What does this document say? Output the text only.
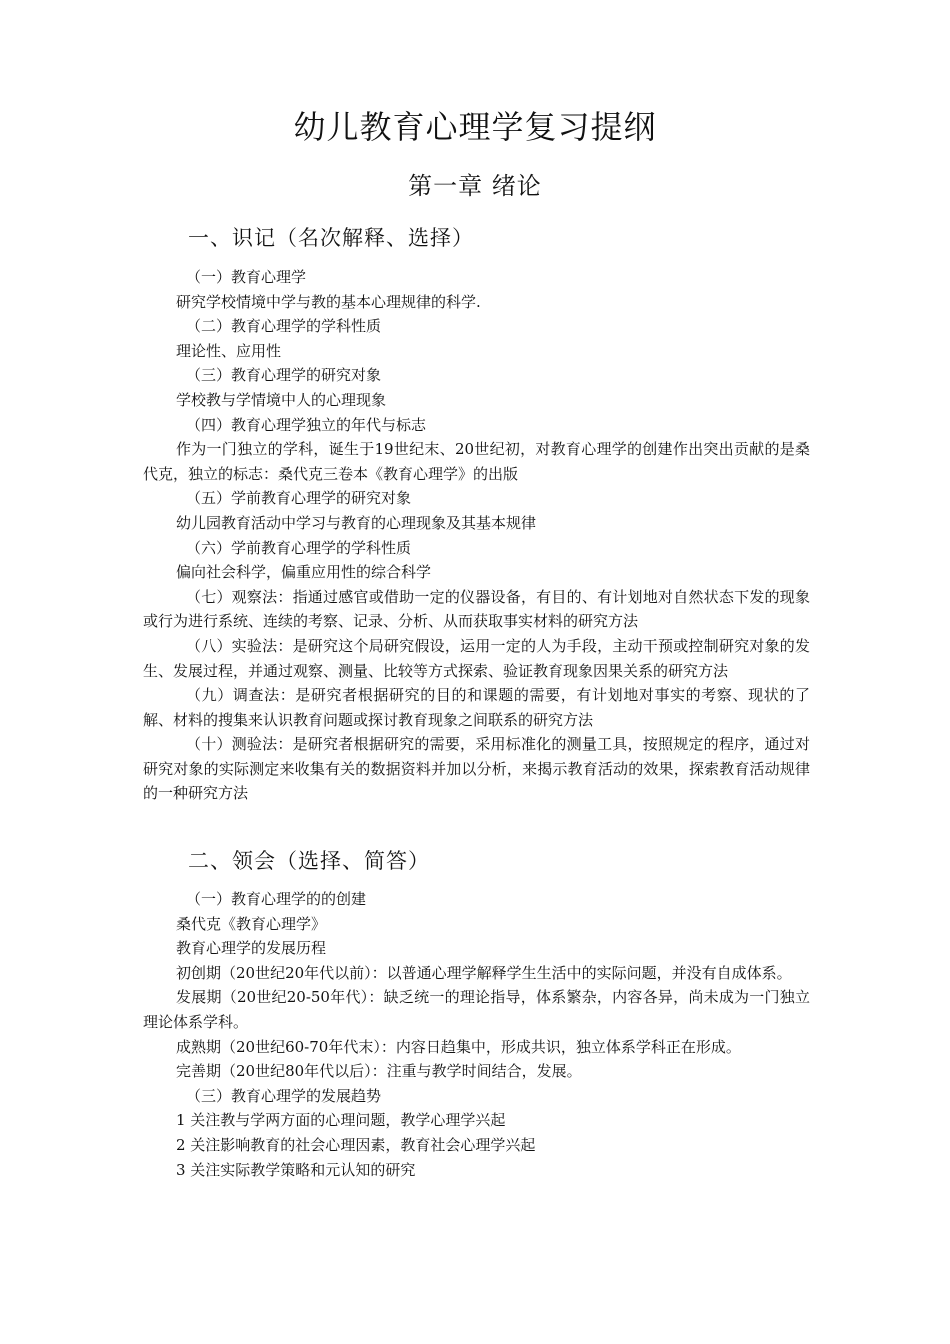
幼儿教育心理学复习提纲
第一章 绪论
一、识记（名次解释、选择）

（一）教育心理学

研究学校情境中学与教的基本心理规律的科学.

（二）教育心理学的学科性质

理论性、应用性

（三）教育心理学的研究对象

学校教与学情境中人的心理现象

（四）教育心理学独立的年代与标志

作为一门独立的学科，诞生于19世纪末、20世纪初，对教育心理学的创建作出突出贡献的是桑代克，独立的标志：桑代克三卷本《教育心理学》的出版

（五）学前教育心理学的研究对象

幼儿园教育活动中学习与教育的心理现象及其基本规律

（六）学前教育心理学的学科性质

偏向社会科学，偏重应用性的综合科学

（七）观察法：指通过感官或借助一定的仪器设备，有目的、有计划地对自然状态下发的现象或行为进行系统、连续的考察、记录、分析、从而获取事实材料的研究方法

（八）实验法：是研究这个局研究假设，运用一定的人为手段，主动干预或控制研究对象的发生、发展过程，并通过观察、测量、比较等方式探索、验证教育现象因果关系的研究方法

（九）调查法：是研究者根据研究的目的和课题的需要，有计划地对事实的考察、现状的了解、材料的搜集来认识教育问题或探讨教育现象之间联系的研究方法

（十）测验法：是研究者根据研究的需要，采用标准化的测量工具，按照规定的程序，通过对研究对象的实际测定来收集有关的数据资料并加以分析，来揭示教育活动的效果，探索教育活动规律的一种研究方法

二、领会（选择、简答）

（一）教育心理学的的创建

桑代克《教育心理学》

教育心理学的发展历程

初创期（20世纪20年代以前）：以普通心理学解释学生生活中的实际问题，并没有自成体系。

发展期（20世纪20-50年代）：缺乏统一的理论指导，体系繁杂，内容各异，尚未成为一门独立理论体系学科。

成熟期（20世纪60-70年代末）：内容日趋集中，形成共识，独立体系学科正在形成。

完善期（20世纪80年代以后）：注重与教学时间结合，发展。

（三）教育心理学的发展趋势

1 关注教与学两方面的心理问题，教学心理学兴起

2 关注影响教育的社会心理因素，教育社会心理学兴起

3 关注实际教学策略和元认知的研究
